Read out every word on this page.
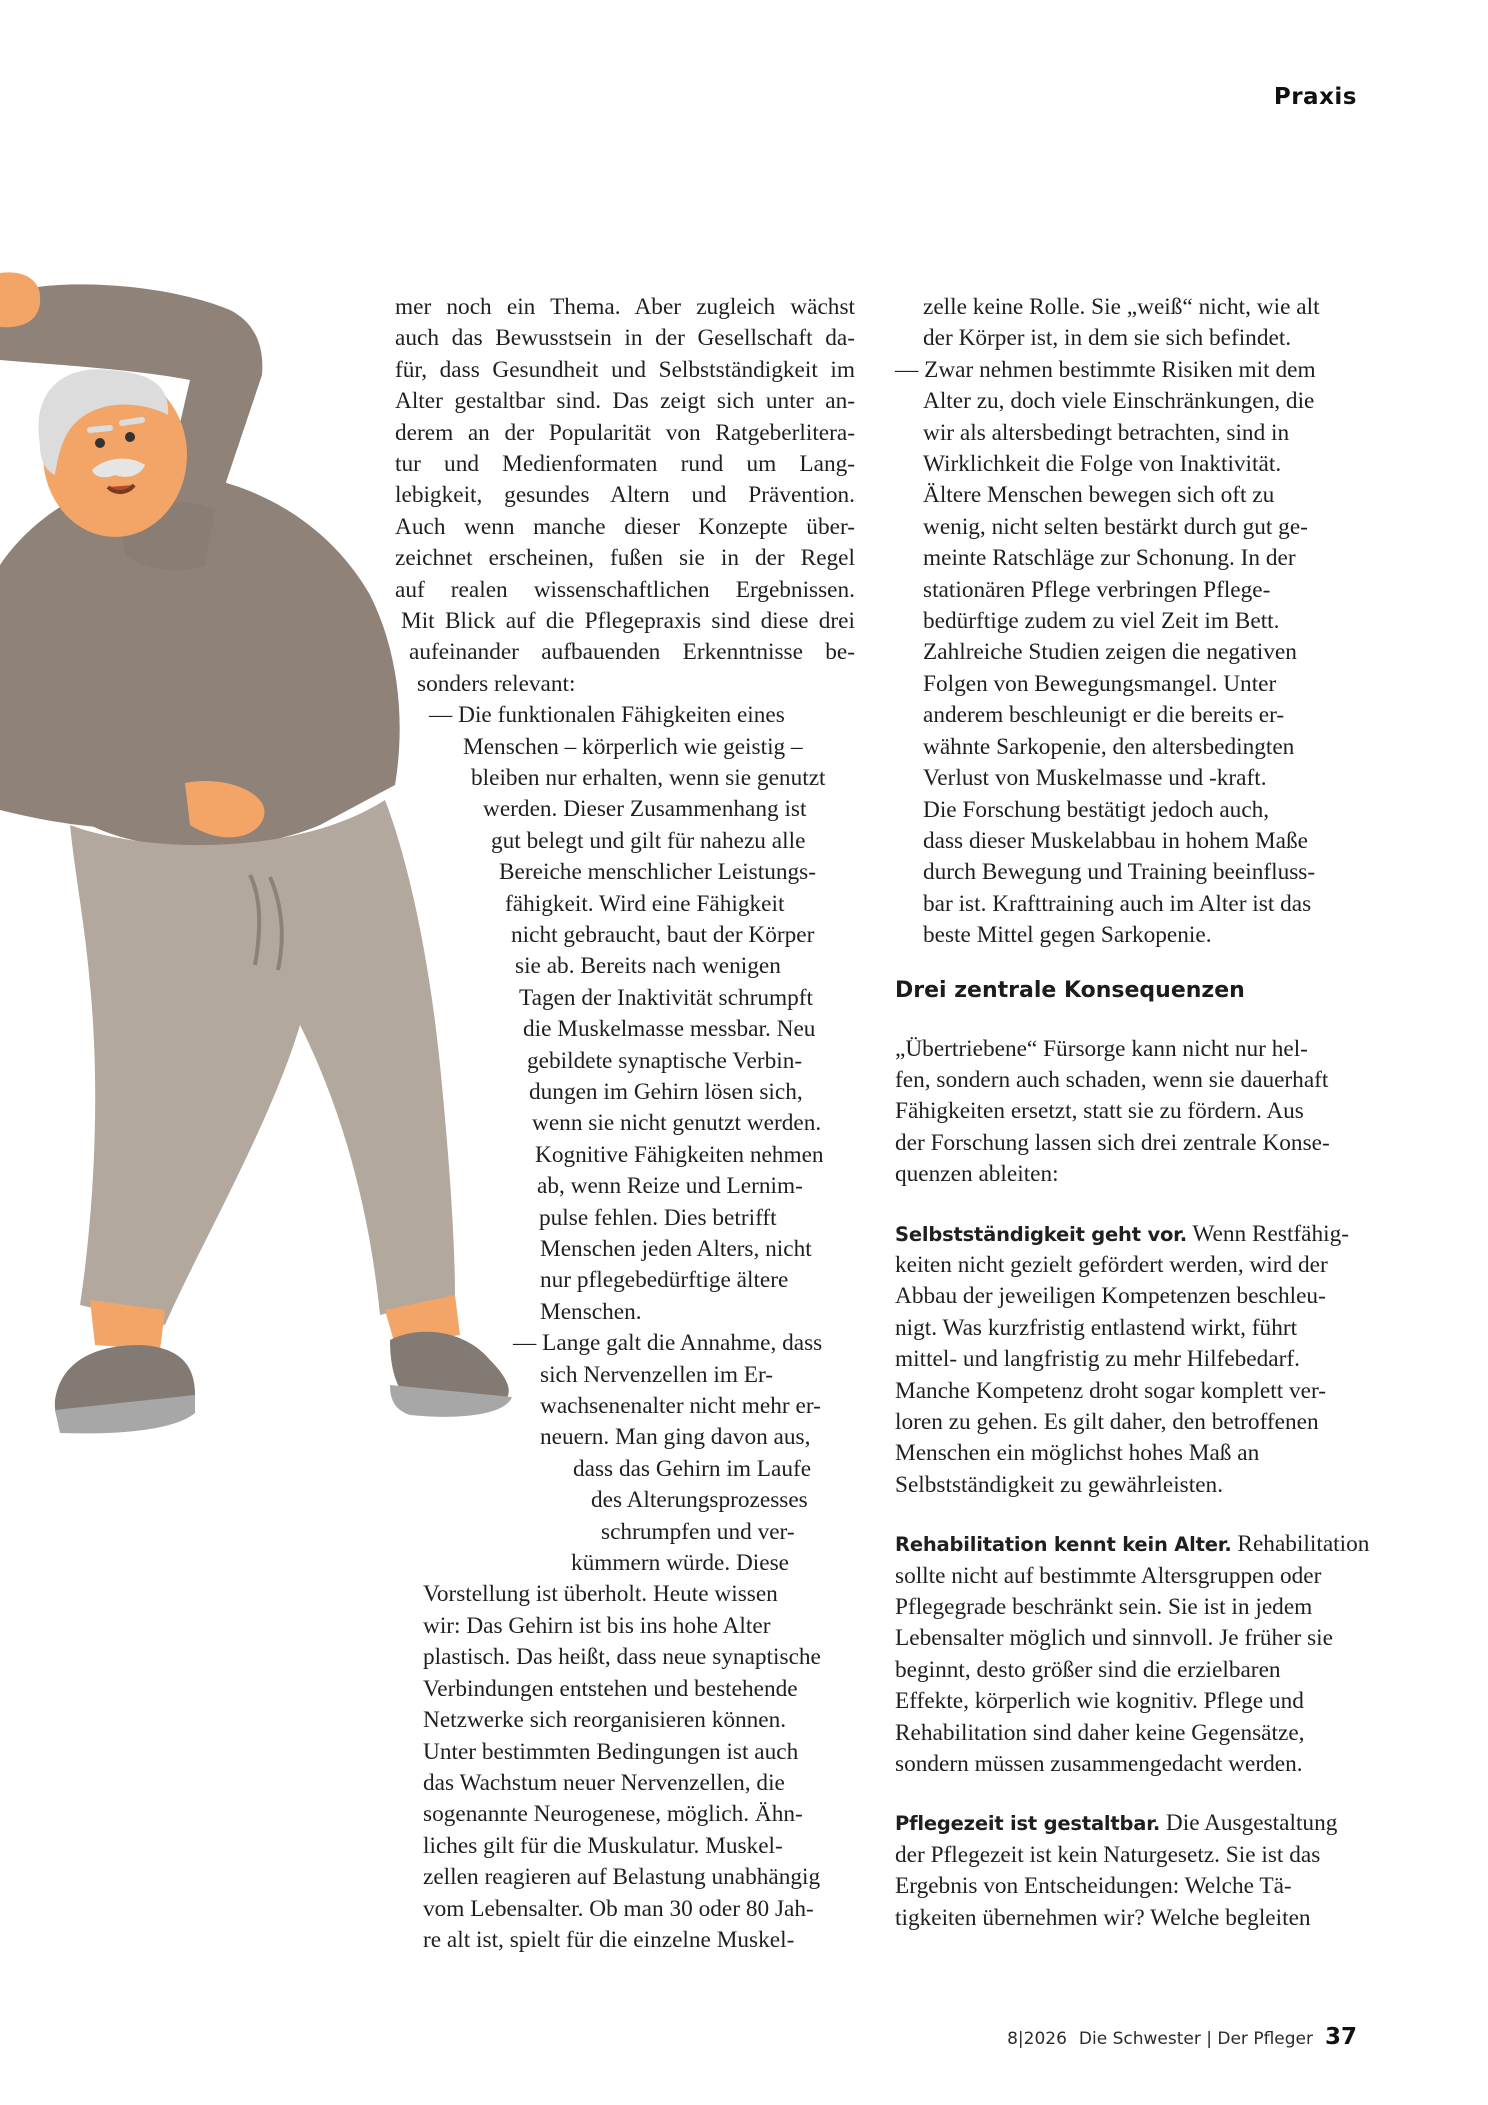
Praxis
mer noch ein Thema. Aber zugleich wächst
auch das Bewusstsein in der Gesellschaft da-
für, dass Gesundheit und Selbstständigkeit im
Alter gestaltbar sind. Das zeigt sich unter an-
derem an der Popularität von Ratgeberlitera-
tur und Medienformaten rund um Lang-
lebigkeit, gesundes Altern und Prävention.
Auch wenn manche dieser Konzepte über-
zeichnet erscheinen, fußen sie in der Regel
auf realen wissenschaftlichen Ergebnissen.
Mit Blick auf die Pflegepraxis sind diese drei
aufeinander aufbauenden Erkenntnisse be-
sonders relevant:
— Die funktionalen Fähigkeiten eines
Menschen – körperlich wie geistig –
bleiben nur erhalten, wenn sie genutzt
werden. Dieser Zusammenhang ist
gut belegt und gilt für nahezu alle
Bereiche menschlicher Leistungs-
fähigkeit. Wird eine Fähigkeit
nicht gebraucht, baut der Körper
sie ab. Bereits nach wenigen
Tagen der Inaktivität schrumpft
die Muskelmasse messbar. Neu
gebildete synaptische Verbin-
dungen im Gehirn lösen sich,
wenn sie nicht genutzt werden.
Kognitive Fähigkeiten nehmen
ab, wenn Reize und Lernim-
pulse fehlen. Dies betrifft
Menschen jeden Alters, nicht
nur pflegebedürftige ältere
Menschen.
— Lange galt die Annahme, dass
sich Nervenzellen im Er-
wachsenenalter nicht mehr er-
neuern. Man ging davon aus,
dass das Gehirn im Laufe
des Alterungsprozesses
schrumpfen und ver-
kümmern würde. Diese
Vorstellung ist überholt. Heute wissen
wir: Das Gehirn ist bis ins hohe Alter
plastisch. Das heißt, dass neue synaptische
Verbindungen entstehen und bestehende
Netzwerke sich reorganisieren können.
Unter bestimmten Bedingungen ist auch
das Wachstum neuer Nervenzellen, die
sogenannte Neurogenese, möglich. Ähn-
liches gilt für die Muskulatur. Muskel-
zellen reagieren auf Belastung unabhängig
vom Lebensalter. Ob man 30 oder 80 Jah-
re alt ist, spielt für die einzelne Muskel-
zelle keine Rolle. Sie „weiß“ nicht, wie alt
der Körper ist, in dem sie sich befindet.
— Zwar nehmen bestimmte Risiken mit dem
Alter zu, doch viele Einschränkungen, die
wir als altersbedingt betrachten, sind in
Wirklichkeit die Folge von Inaktivität.
Ältere Menschen bewegen sich oft zu
wenig, nicht selten bestärkt durch gut ge-
meinte Ratschläge zur Schonung. In der
stationären Pflege verbringen Pflege-
bedürftige zudem zu viel Zeit im Bett.
Zahlreiche Studien zeigen die negativen
Folgen von Bewegungsmangel. Unter
anderem beschleunigt er die bereits er-
wähnte Sarkopenie, den altersbedingten
Verlust von Muskelmasse und -kraft.
Die Forschung bestätigt jedoch auch,
dass dieser Muskelabbau in hohem Maße
durch Bewegung und Training beeinfluss-
bar ist. Krafttraining auch im Alter ist das
beste Mittel gegen Sarkopenie.
Drei zentrale Konsequenzen
„Übertriebene“ Fürsorge kann nicht nur hel-
fen, sondern auch schaden, wenn sie dauerhaft
Fähigkeiten ersetzt, statt sie zu fördern. Aus
der Forschung lassen sich drei zentrale Konse-
quenzen ableiten:
Selbstständigkeit geht vor. Wenn Restfähig-
keiten nicht gezielt gefördert werden, wird der
Abbau der jeweiligen Kompetenzen beschleu-
nigt. Was kurzfristig entlastend wirkt, führt
mittel- und langfristig zu mehr Hilfebedarf.
Manche Kompetenz droht sogar komplett ver-
loren zu gehen. Es gilt daher, den betroffenen
Menschen ein möglichst hohes Maß an
Selbstständigkeit zu gewährleisten.
Rehabilitation kennt kein Alter. Rehabilitation
sollte nicht auf bestimmte Altersgruppen oder
Pflegegrade beschränkt sein. Sie ist in jedem
Lebensalter möglich und sinnvoll. Je früher sie
beginnt, desto größer sind die erzielbaren
Effekte, körperlich wie kognitiv. Pflege und
Rehabilitation sind daher keine Gegensätze,
sondern müssen zusammengedacht werden.
Pflegezeit ist gestaltbar. Die Ausgestaltung
der Pflegezeit ist kein Naturgesetz. Sie ist das
Ergebnis von Entscheidungen: Welche Tä-
tigkeiten übernehmen wir? Welche begleiten
8|2026 Die Schwester | Der Pfleger 37
